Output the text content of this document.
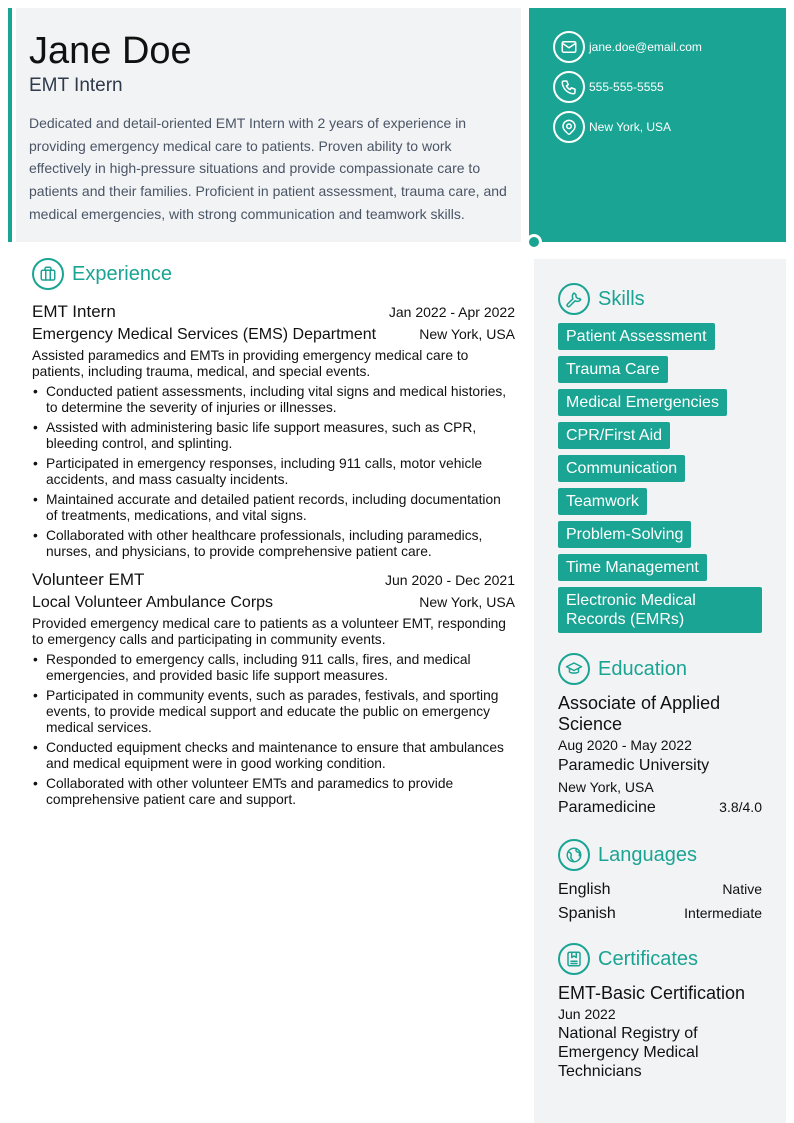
Jane Doe
EMT Intern
Dedicated and detail-oriented EMT Intern with 2 years of experience in providing emergency medical care to patients. Proven ability to work effectively in high-pressure situations and provide compassionate care to patients and their families. Proficient in patient assessment, trauma care, and medical emergencies, with strong communication and teamwork skills.
jane.doe@email.com
555-555-5555
New York, USA
Experience
EMT Intern	Jan 2022 - Apr 2022
Emergency Medical Services (EMS) Department	New York, USA
Assisted paramedics and EMTs in providing emergency medical care to patients, including trauma, medical, and special events.
• Conducted patient assessments, including vital signs and medical histories, to determine the severity of injuries or illnesses.
• Assisted with administering basic life support measures, such as CPR, bleeding control, and splinting.
• Participated in emergency responses, including 911 calls, motor vehicle accidents, and mass casualty incidents.
• Maintained accurate and detailed patient records, including documentation of treatments, medications, and vital signs.
• Collaborated with other healthcare professionals, including paramedics, nurses, and physicians, to provide comprehensive patient care.
Volunteer EMT	Jun 2020 - Dec 2021
Local Volunteer Ambulance Corps	New York, USA
Provided emergency medical care to patients as a volunteer EMT, responding to emergency calls and participating in community events.
• Responded to emergency calls, including 911 calls, fires, and medical emergencies, and provided basic life support measures.
• Participated in community events, such as parades, festivals, and sporting events, to provide medical support and educate the public on emergency medical services.
• Conducted equipment checks and maintenance to ensure that ambulances and medical equipment were in good working condition.
• Collaborated with other volunteer EMTs and paramedics to provide comprehensive patient care and support.
Skills
Patient Assessment
Trauma Care
Medical Emergencies
CPR/First Aid
Communication
Teamwork
Problem-Solving
Time Management
Electronic Medical Records (EMRs)
Education
Associate of Applied Science
Aug 2020 - May 2022
Paramedic University
New York, USA
Paramedicine	3.8/4.0
Languages
English	Native
Spanish	Intermediate
Certificates
EMT-Basic Certification
Jun 2022
National Registry of Emergency Medical Technicians
